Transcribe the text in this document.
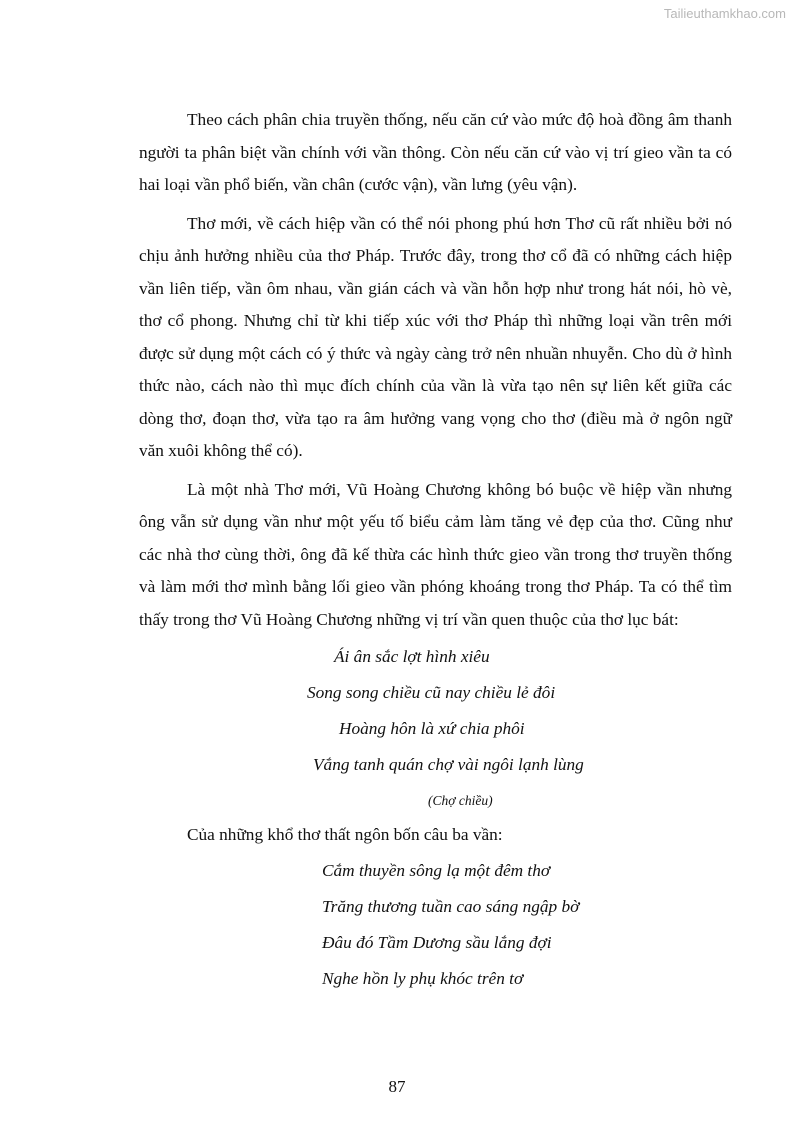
Tailieuthamkhao.com

Theo cách phân chia truyền thống, nếu căn cứ vào mức độ hoà đồng âm thanh người ta phân biệt vần chính với vần thông. Còn nếu căn cứ vào vị trí gieo vần ta có hai loại vần phổ biến, vần chân (cước vận), vần lưng (yêu vận).

Thơ mới, về cách hiệp vần có thể nói phong phú hơn Thơ cũ rất nhiều bởi nó chịu ảnh hưởng nhiều của thơ Pháp. Trước đây, trong thơ cổ đã có những cách hiệp vần liên tiếp, vần ôm nhau, vần gián cách và vần hỗn hợp như trong hát nói, hò vè, thơ cổ phong. Nhưng chỉ từ khi tiếp xúc với thơ Pháp thì những loại vần trên mới được sử dụng một cách có ý thức và ngày càng trở nên nhuần nhuyễn. Cho dù ở hình thức nào, cách nào thì mục đích chính của vần là vừa tạo nên sự liên kết giữa các dòng thơ, đoạn thơ, vừa tạo ra âm hưởng vang vọng cho thơ (điều mà ở ngôn ngữ văn xuôi không thể có).

Là một nhà Thơ mới, Vũ Hoàng Chương không bó buộc về hiệp vần nhưng ông vẫn sử dụng vần như một yếu tố biểu cảm làm tăng vẻ đẹp của thơ. Cũng như các nhà thơ cùng thời, ông đã kế thừa các hình thức gieo vần trong thơ truyền thống và làm mới thơ mình bằng lối gieo vần phóng khoáng trong thơ Pháp. Ta có thể tìm thấy trong thơ Vũ Hoàng Chương những vị trí vần quen thuộc của thơ lục bát:

Ái ân sắc lợt hình xiêu
Song song chiều cũ nay chiều lẻ đôi
Hoàng hôn là xứ chia phôi
Vắng tanh quán chợ vài ngôi lạnh lùng
(Chợ chiều)

Của những khổ thơ thất ngôn bốn câu ba vần:

Cắm thuyền sông lạ một đêm thơ
Trăng thương tuần cao sáng ngập bờ
Đâu đó Tầm Dương sầu lắng đợi
Nghe hồn ly phụ khóc trên tơ
87
